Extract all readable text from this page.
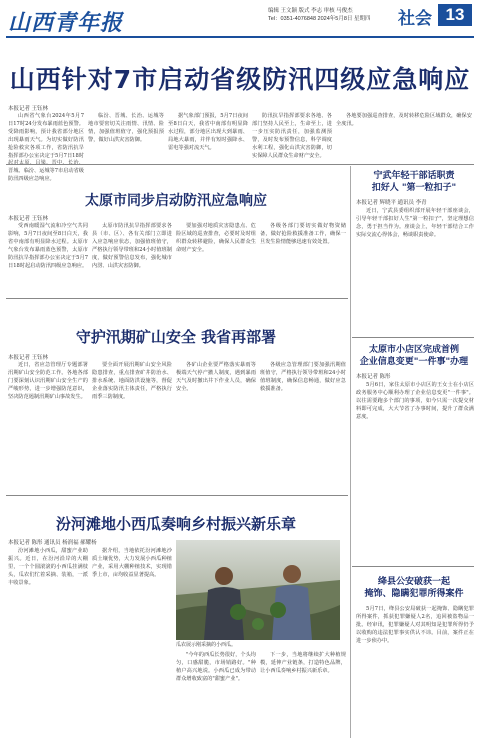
山西青年报	编辑 王文颖 版式 李志 审核 马俊杰
Tel：0351-4076848 2024年5月8日 星期四	社会 13
山西针对7市启动省级防汛四级应急响应
本报记者 王钰林

山西省气象台2024年5月7日17时24分发布暴雨蓝色预警。受降雨影响，预计我省部分地区出现暴雨天气。为切实做好防汛抢险救灾各项工作，省防汛抗旱指挥部办公室决定于5月7日18时 晋城、临汾、运城等7市启动省级防汛四级应急响应。

临汾、晋城、长治、运城等地市要密切关注雨情、汛情、险情，加强值班值守，强化预报预警，做好山洪灾害防御。

据气象部门预报，5月7日夜间至8日白天，我省中南部有明显降水过程，部分地区出现大到暴雨、局地大暴雨，并伴有短时强降水、雷电等强对流天气。

防汛抗旱指挥部要求各地、各部门坚持人民至上，生命至上，进一步压实防汛责任，加强监测预警，及时发布预警信息，科学调度水利工程，强化山洪灾害防御，切实保障人民群众生命财产安全。

各地要加强巡查排查，及时转移危险区域群众，确保安全度汛。

太原市同步启动防汛应急响应
本报记者 王钰林

受西南暖湿气流和冷空气共同影响，5月7日夜间至8日白天，我省中南部有明显降水过程。太原市气象台发布暴雨蓝色预警，太原市防汛抗旱指挥部办公室决定于5月7日18时起启动防汛四级应急响应。

太原市防汛抗旱指挥部要求各县（市、区）、各有关部门立即进入应急响应状态，加强值班值守，严格执行领导带班和24小时值班制度，做好预警信息发布，强化城市内涝、山洪灾害防御。

要加强对地质灾害隐患点、危险区域的巡查排查，必要时及时组织群众转移避险，确保人民群众生命财产安全。

各级各部门要切实做好物资储备，做好抢险救援准备工作，确保一旦发生险情能够迅速有效处置。

守护汛期矿山安全 我省再部署
本报记者 王钰林

近日，省应急管理厅专题部署汛期矿山安全防范工作。各地各部门要深刻认识汛期矿山安全生产的严峻形势，进一步增强防范意识，坚决防范遏制汛期矿山事故发生。

要全面开展汛期矿山安全风险隐患排查，重点排查矿井防治水、排水系统、地面防洪设施等，督促企业落实防汛主体责任，严格执行雨季三防制度。

各矿山企业要严格落实暴雨等极端天气停产撤人制度，遇到暴雨天气及时撤出井下作业人员，确保安全。

各级应急管理部门要加强汛期值班值守，严格执行领导带班和24小时值班制度，确保信息畅通，做好应急救援准备。

汾河滩地小西瓜奏响乡村振兴新乐章
本报记者 陈彤 通讯员 杨润福 郝耀杨

汾河滩地小西瓜，甜蜜产业助振兴。近日，在汾河沿岸的大棚里，一个个圆滚滚的小西瓜挂满枝头，瓜农们忙着采摘、装箱，一派丰收景象。

据介绍，当地依托汾河滩地沙质土壤优势，大力发展小西瓜种植产业，采用大棚种植技术，实现错季上市，亩均收益显著提高。

瓜农展示刚采摘的小西瓜。

"今年的西瓜长势很好，个头均匀，口感甜脆，市场销路好。"种植户高兴地说。小西瓜已成为带动群众增收致富的"甜蜜产业"。

下一步，当地将继续扩大种植规模，延伸产业链条，打造特色品牌，让小西瓜奏响乡村振兴新乐章。

宁武年轻干部话职责
扣好人 "第一粒扣子"
本报记者 辉晓平 通讯员 李青

近日，宁武县委组织部开展年轻干部座谈会，引导年轻干部扣好人生"第一粒扣子"，坚定理想信念，勇于担当作为。座谈会上，年轻干部结合工作实际交流心得体会，畅谈职责使命。

太原市小店区完成首例
企业信息变更"一件事"办理
本报记者 陈彤

5月6日，家住太原市小店区的王女士在小店区政务服务中心顺利办理了企业信息变更"一件事"。以往需要跑多个部门的事项，如今只需一次提交材料即可完成，大大节省了办事时间，提升了群众满意度。

绛县公安破获一起
掩饰、隐瞒犯罪所得案件

5月7日，绛县公安局破获一起掩饰、隐瞒犯罪所得案件，抓获犯罪嫌疑人2名，追回被盗物品一批。经审讯，犯罪嫌疑人对其明知是犯罪所得仍予以收购的违法犯罪事实供认不讳。目前，案件正在进一步侦办中。
